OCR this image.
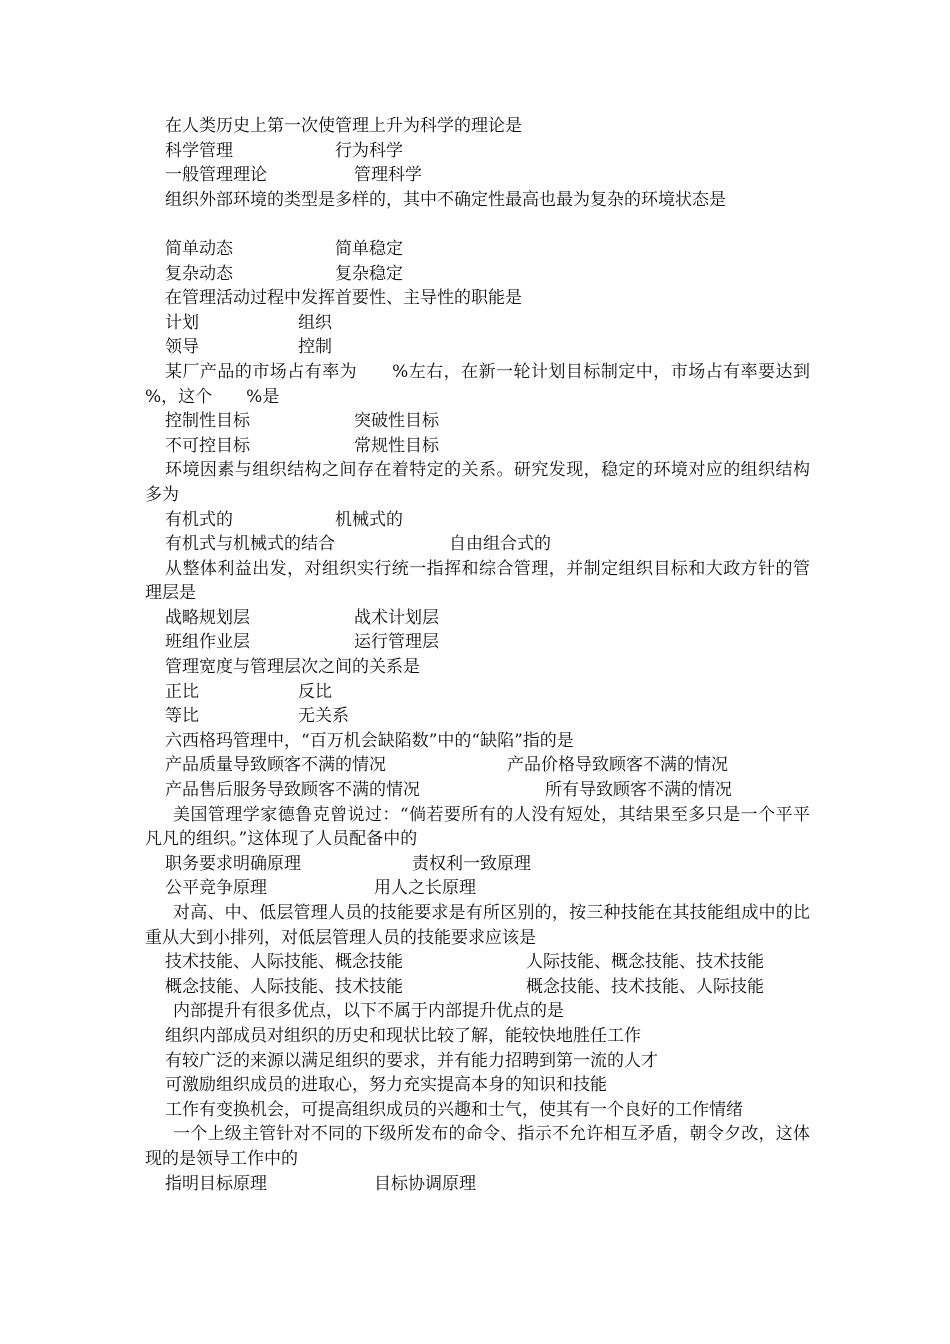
在人类历史上第一次使管理上升为科学的理论是
科学管理	行为科学
一般管理理论	管理科学
组织外部环境的类型是多样的，其中不确定性最高也最为复杂的环境状态是
简单动态	简单稳定
复杂动态	复杂稳定
在管理活动过程中发挥首要性、主导性的职能是
计划	组织
领导	控制
某厂产品的市场占有率为　　%左右，在新一轮计划目标制定中，市场占有率要达到　　%，这个　　%是
控制性目标	突破性目标
不可控目标	常规性目标
环境因素与组织结构之间存在着特定的关系。研究发现，稳定的环境对应的组织结构多为
有机式的	机械式的
有机式与机械式的结合	自由组合式的
从整体利益出发，对组织实行统一指挥和综合管理，并制定组织目标和大政方针的管理层是
战略规划层	战术计划层
班组作业层	运行管理层
管理宽度与管理层次之间的关系是
正比	反比
等比	无关系
六西格玛管理中，“百万机会缺陷数”中的“缺陷”指的是
产品质量导致顾客不满的情况	产品价格导致顾客不满的情况
产品售后服务导致顾客不满的情况	所有导致顾客不满的情况
美国管理学家德鲁克曾说过：“倘若要所有的人没有短处，其结果至多只是一个平平凡凡的组织。”这体现了人员配备中的
职务要求明确原理	责权利一致原理
公平竞争原理	用人之长原理
对高、中、低层管理人员的技能要求是有所区别的，按三种技能在其技能组成中的比重从大到小排列，对低层管理人员的技能要求应该是
技术技能、人际技能、概念技能	人际技能、概念技能、技术技能
概念技能、人际技能、技术技能	概念技能、技术技能、人际技能
内部提升有很多优点，以下不属于内部提升优点的是
组织内部成员对组织的历史和现状比较了解，能较快地胜任工作
有较广泛的来源以满足组织的要求，并有能力招聘到第一流的人才
可激励组织成员的进取心，努力充实提高本身的知识和技能
工作有变换机会，可提高组织成员的兴趣和士气，使其有一个良好的工作情绪
一个上级主管针对不同的下级所发布的命令、指示不允许相互矛盾，朝令夕改，这体现的是领导工作中的
指明目标原理	目标协调原理
